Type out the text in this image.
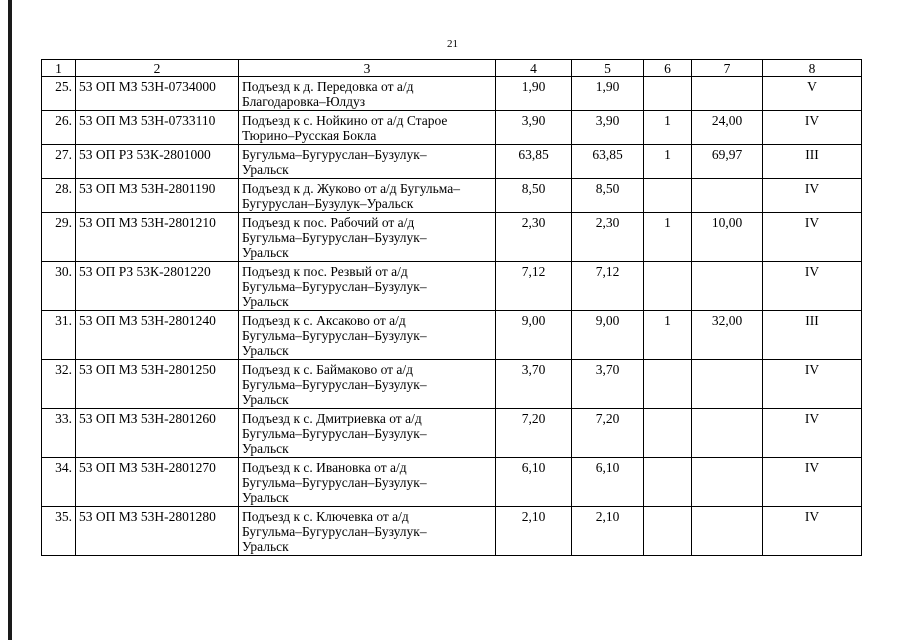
21
1	2	3	4	5	6	7	8
25.	53 ОП МЗ 53Н-0734000	Подъезд к д. Передовка от а/д
Благодаровка–Юлдуз	1,90	1,90			V
26.	53 ОП МЗ 53Н-0733110	Подъезд к с. Нойкино от а/д Старое
Тюрино–Русская Бокла	3,90	3,90	1	24,00	IV
27.	53 ОП РЗ 53К-2801000	Бугульма–Бугуруслан–Бузулук–
Уральск	63,85	63,85	1	69,97	III
28.	53 ОП МЗ 53Н-2801190	Подъезд к д. Жуково от а/д Бугульма–
Бугуруслан–Бузулук–Уральск	8,50	8,50			IV
29.	53 ОП МЗ 53Н-2801210	Подъезд к пос. Рабочий от а/д
Бугульма–Бугуруслан–Бузулук–
Уральск	2,30	2,30	1	10,00	IV
30.	53 ОП РЗ 53К-2801220	Подъезд к пос. Резвый от а/д
Бугульма–Бугуруслан–Бузулук–
Уральск	7,12	7,12			IV
31.	53 ОП МЗ 53Н-2801240	Подъезд к с. Аксаково от а/д
Бугульма–Бугуруслан–Бузулук–
Уральск	9,00	9,00	1	32,00	III
32.	53 ОП МЗ 53Н-2801250	Подъезд к с. Баймаково от а/д
Бугульма–Бугуруслан–Бузулук–
Уральск	3,70	3,70			IV
33.	53 ОП МЗ 53Н-2801260	Подъезд к с. Дмитриевка от а/д
Бугульма–Бугуруслан–Бузулук–
Уральск	7,20	7,20			IV
34.	53 ОП МЗ 53Н-2801270	Подъезд к с. Ивановка от а/д
Бугульма–Бугуруслан–Бузулук–
Уральск	6,10	6,10			IV
35.	53 ОП МЗ 53Н-2801280	Подъезд к с. Ключевка от а/д
Бугульма–Бугуруслан–Бузулук–
Уральск	2,10	2,10			IV
